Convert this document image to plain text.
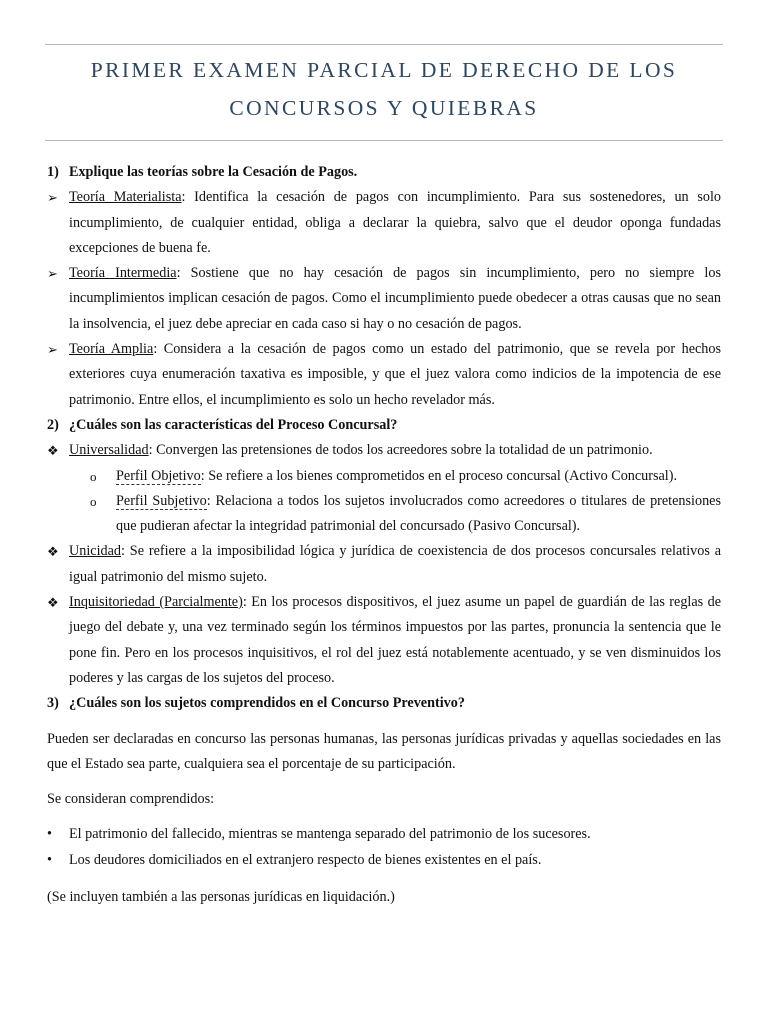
PRIMER EXAMEN PARCIAL DE DERECHO DE LOS
CONCURSOS Y QUIEBRAS
1) Explique las teorías sobre la Cesación de Pagos.
➢ Teoría Materialista: Identifica la cesación de pagos con incumplimiento. Para sus sostenedores, un solo incumplimiento, de cualquier entidad, obliga a declarar la quiebra, salvo que el deudor oponga fundadas excepciones de buena fe.
➢ Teoría Intermedia: Sostiene que no hay cesación de pagos sin incumplimiento, pero no siempre los incumplimientos implican cesación de pagos. Como el incumplimiento puede obedecer a otras causas que no sean la insolvencia, el juez debe apreciar en cada caso si hay o no cesación de pagos.
➢ Teoría Amplia: Considera a la cesación de pagos como un estado del patrimonio, que se revela por hechos exteriores cuya enumeración taxativa es imposible, y que el juez valora como indicios de la impotencia de ese patrimonio. Entre ellos, el incumplimiento es solo un hecho revelador más.
2) ¿Cuáles son las características del Proceso Concursal?
❖ Universalidad: Convergen las pretensiones de todos los acreedores sobre la totalidad de un patrimonio.
o	Perfil Objetivo: Se refiere a los bienes comprometidos en el proceso concursal (Activo Concursal).
o	Perfil Subjetivo: Relaciona a todos los sujetos involucrados como acreedores o titulares de pretensiones que pudieran afectar la integridad patrimonial del concursado (Pasivo Concursal).
❖ Unicidad: Se refiere a la imposibilidad lógica y jurídica de coexistencia de dos procesos concursales relativos a igual patrimonio del mismo sujeto.
❖ Inquisitoriedad (Parcialmente): En los procesos dispositivos, el juez asume un papel de guardián de las reglas de juego del debate y, una vez terminado según los términos impuestos por las partes, pronuncia la sentencia que le pone fin. Pero en los procesos inquisitivos, el rol del juez está notablemente acentuado, y se ven disminuidos los poderes y las cargas de los sujetos del proceso.
3) ¿Cuáles son los sujetos comprendidos en el Concurso Preventivo?
Pueden ser declaradas en concurso las personas humanas, las personas jurídicas privadas y aquellas sociedades en las que el Estado sea parte, cualquiera sea el porcentaje de su participación.
Se consideran comprendidos:
•	El patrimonio del fallecido, mientras se mantenga separado del patrimonio de los sucesores.
•	Los deudores domiciliados en el extranjero respecto de bienes existentes en el país.
(Se incluyen también a las personas jurídicas en liquidación.)
